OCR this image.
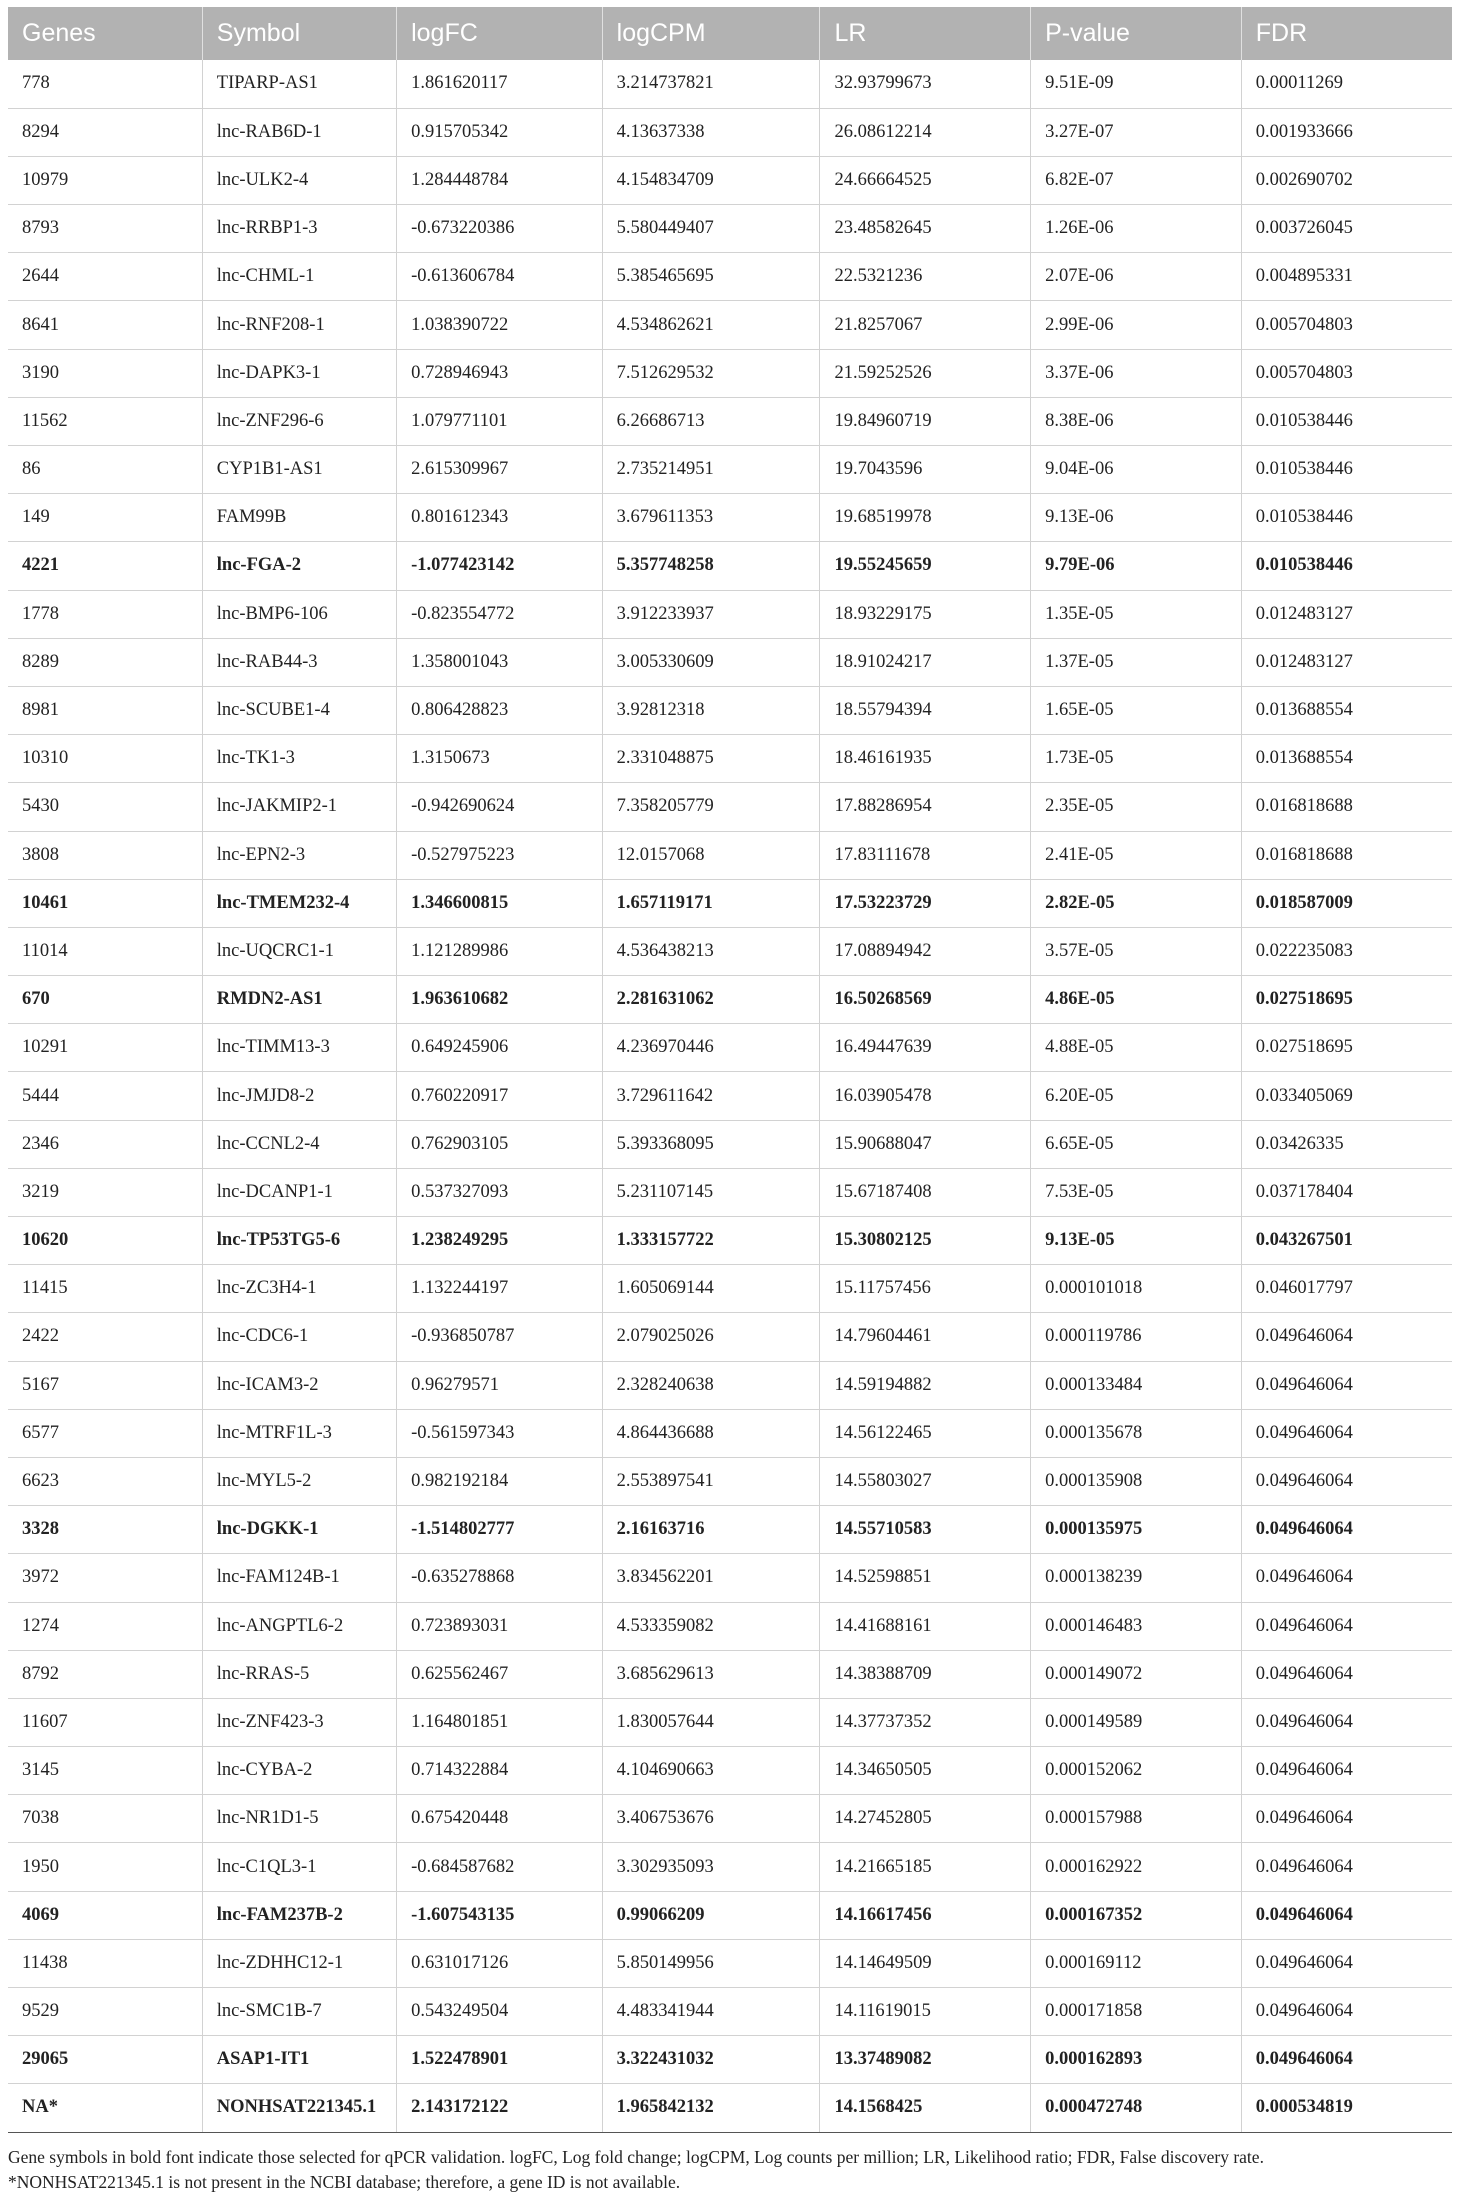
Genes	Symbol	logFC	logCPM	LR	P-value	FDR
778	TIPARP-AS1	1.861620117	3.214737821	32.93799673	9.51E-09	0.00011269
8294	lnc-RAB6D-1	0.915705342	4.13637338	26.08612214	3.27E-07	0.001933666
10979	lnc-ULK2-4	1.284448784	4.154834709	24.66664525	6.82E-07	0.002690702
8793	lnc-RRBP1-3	-0.673220386	5.580449407	23.48582645	1.26E-06	0.003726045
2644	lnc-CHML-1	-0.613606784	5.385465695	22.5321236	2.07E-06	0.004895331
8641	lnc-RNF208-1	1.038390722	4.534862621	21.8257067	2.99E-06	0.005704803
3190	lnc-DAPK3-1	0.728946943	7.512629532	21.59252526	3.37E-06	0.005704803
11562	lnc-ZNF296-6	1.079771101	6.26686713	19.84960719	8.38E-06	0.010538446
86	CYP1B1-AS1	2.615309967	2.735214951	19.7043596	9.04E-06	0.010538446
149	FAM99B	0.801612343	3.679611353	19.68519978	9.13E-06	0.010538446
4221	lnc-FGA-2	-1.077423142	5.357748258	19.55245659	9.79E-06	0.010538446
1778	lnc-BMP6-106	-0.823554772	3.912233937	18.93229175	1.35E-05	0.012483127
8289	lnc-RAB44-3	1.358001043	3.005330609	18.91024217	1.37E-05	0.012483127
8981	lnc-SCUBE1-4	0.806428823	3.92812318	18.55794394	1.65E-05	0.013688554
10310	lnc-TK1-3	1.3150673	2.331048875	18.46161935	1.73E-05	0.013688554
5430	lnc-JAKMIP2-1	-0.942690624	7.358205779	17.88286954	2.35E-05	0.016818688
3808	lnc-EPN2-3	-0.527975223	12.0157068	17.83111678	2.41E-05	0.016818688
10461	lnc-TMEM232-4	1.346600815	1.657119171	17.53223729	2.82E-05	0.018587009
11014	lnc-UQCRC1-1	1.121289986	4.536438213	17.08894942	3.57E-05	0.022235083
670	RMDN2-AS1	1.963610682	2.281631062	16.50268569	4.86E-05	0.027518695
10291	lnc-TIMM13-3	0.649245906	4.236970446	16.49447639	4.88E-05	0.027518695
5444	lnc-JMJD8-2	0.760220917	3.729611642	16.03905478	6.20E-05	0.033405069
2346	lnc-CCNL2-4	0.762903105	5.393368095	15.90688047	6.65E-05	0.03426335
3219	lnc-DCANP1-1	0.537327093	5.231107145	15.67187408	7.53E-05	0.037178404
10620	lnc-TP53TG5-6	1.238249295	1.333157722	15.30802125	9.13E-05	0.043267501
11415	lnc-ZC3H4-1	1.132244197	1.605069144	15.11757456	0.000101018	0.046017797
2422	lnc-CDC6-1	-0.936850787	2.079025026	14.79604461	0.000119786	0.049646064
5167	lnc-ICAM3-2	0.96279571	2.328240638	14.59194882	0.000133484	0.049646064
6577	lnc-MTRF1L-3	-0.561597343	4.864436688	14.56122465	0.000135678	0.049646064
6623	lnc-MYL5-2	0.982192184	2.553897541	14.55803027	0.000135908	0.049646064
3328	lnc-DGKK-1	-1.514802777	2.16163716	14.55710583	0.000135975	0.049646064
3972	lnc-FAM124B-1	-0.635278868	3.834562201	14.52598851	0.000138239	0.049646064
1274	lnc-ANGPTL6-2	0.723893031	4.533359082	14.41688161	0.000146483	0.049646064
8792	lnc-RRAS-5	0.625562467	3.685629613	14.38388709	0.000149072	0.049646064
11607	lnc-ZNF423-3	1.164801851	1.830057644	14.37737352	0.000149589	0.049646064
3145	lnc-CYBA-2	0.714322884	4.104690663	14.34650505	0.000152062	0.049646064
7038	lnc-NR1D1-5	0.675420448	3.406753676	14.27452805	0.000157988	0.049646064
1950	lnc-C1QL3-1	-0.684587682	3.302935093	14.21665185	0.000162922	0.049646064
4069	lnc-FAM237B-2	-1.607543135	0.99066209	14.16617456	0.000167352	0.049646064
11438	lnc-ZDHHC12-1	0.631017126	5.850149956	14.14649509	0.000169112	0.049646064
9529	lnc-SMC1B-7	0.543249504	4.483341944	14.11619015	0.000171858	0.049646064
29065	ASAP1-IT1	1.522478901	3.322431032	13.37489082	0.000162893	0.049646064
NA*	NONHSAT221345.1	2.143172122	1.965842132	14.1568425	0.000472748	0.000534819
Gene symbols in bold font indicate those selected for qPCR validation. logFC, Log fold change; logCPM, Log counts per million; LR, Likelihood ratio; FDR, False discovery rate.
*NONHSAT221345.1 is not present in the NCBI database; therefore, a gene ID is not available.
